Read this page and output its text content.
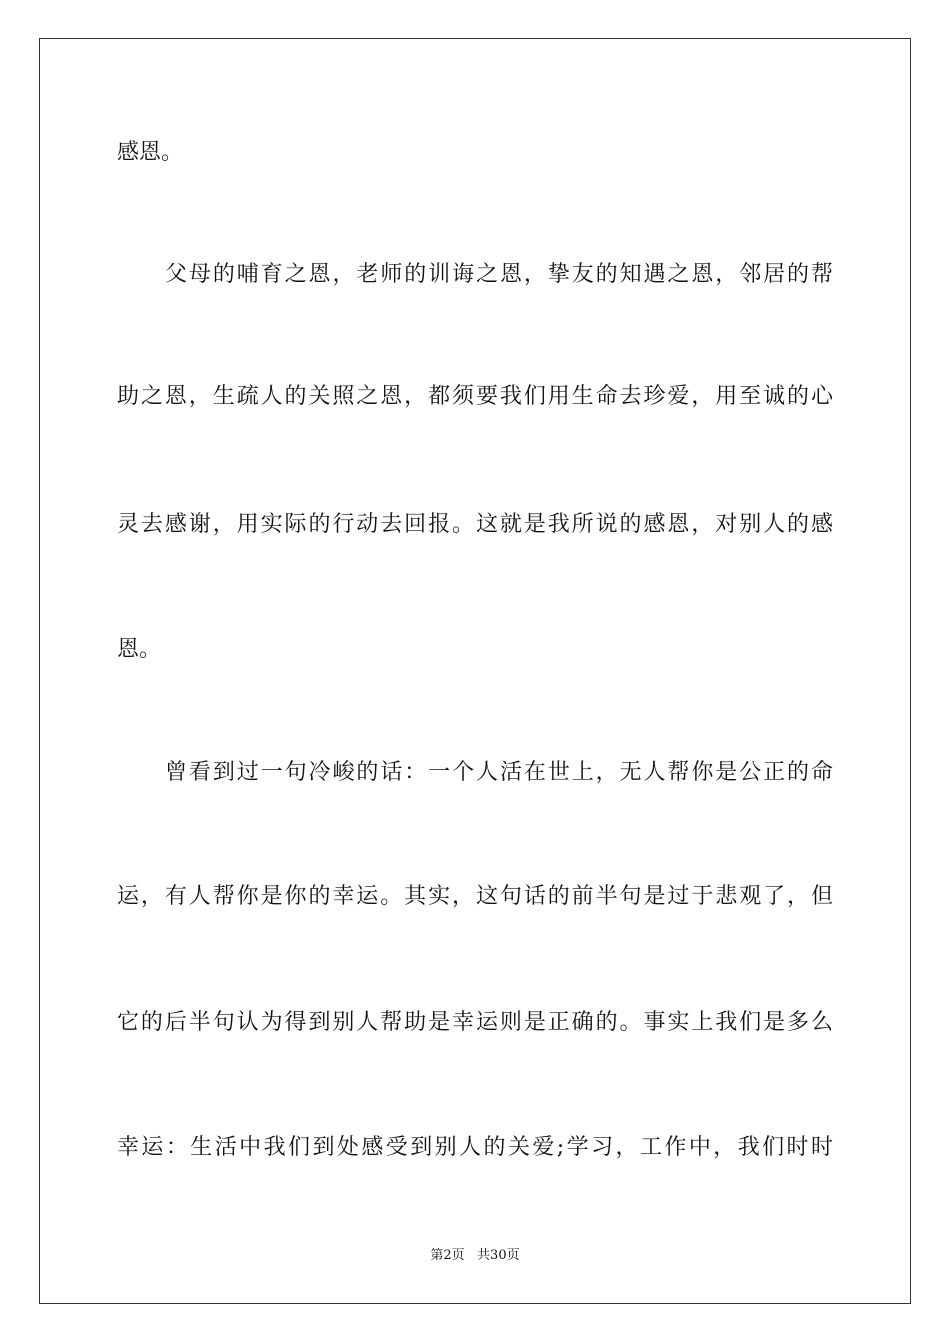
感恩。
父母的哺育之恩，老师的训诲之恩，挚友的知遇之恩，邻居的帮
助之恩，生疏人的关照之恩，都须要我们用生命去珍爱，用至诚的心
灵去感谢，用实际的行动去回报。这就是我所说的感恩，对别人的感
恩。
曾看到过一句冷峻的话：一个人活在世上，无人帮你是公正的命
运，有人帮你是你的幸运。其实，这句话的前半句是过于悲观了，但
它的后半句认为得到别人帮助是幸运则是正确的。事实上我们是多么
幸运：生活中我们到处感受到别人的关爱;学习，工作中，我们时时
第2页   共30页
